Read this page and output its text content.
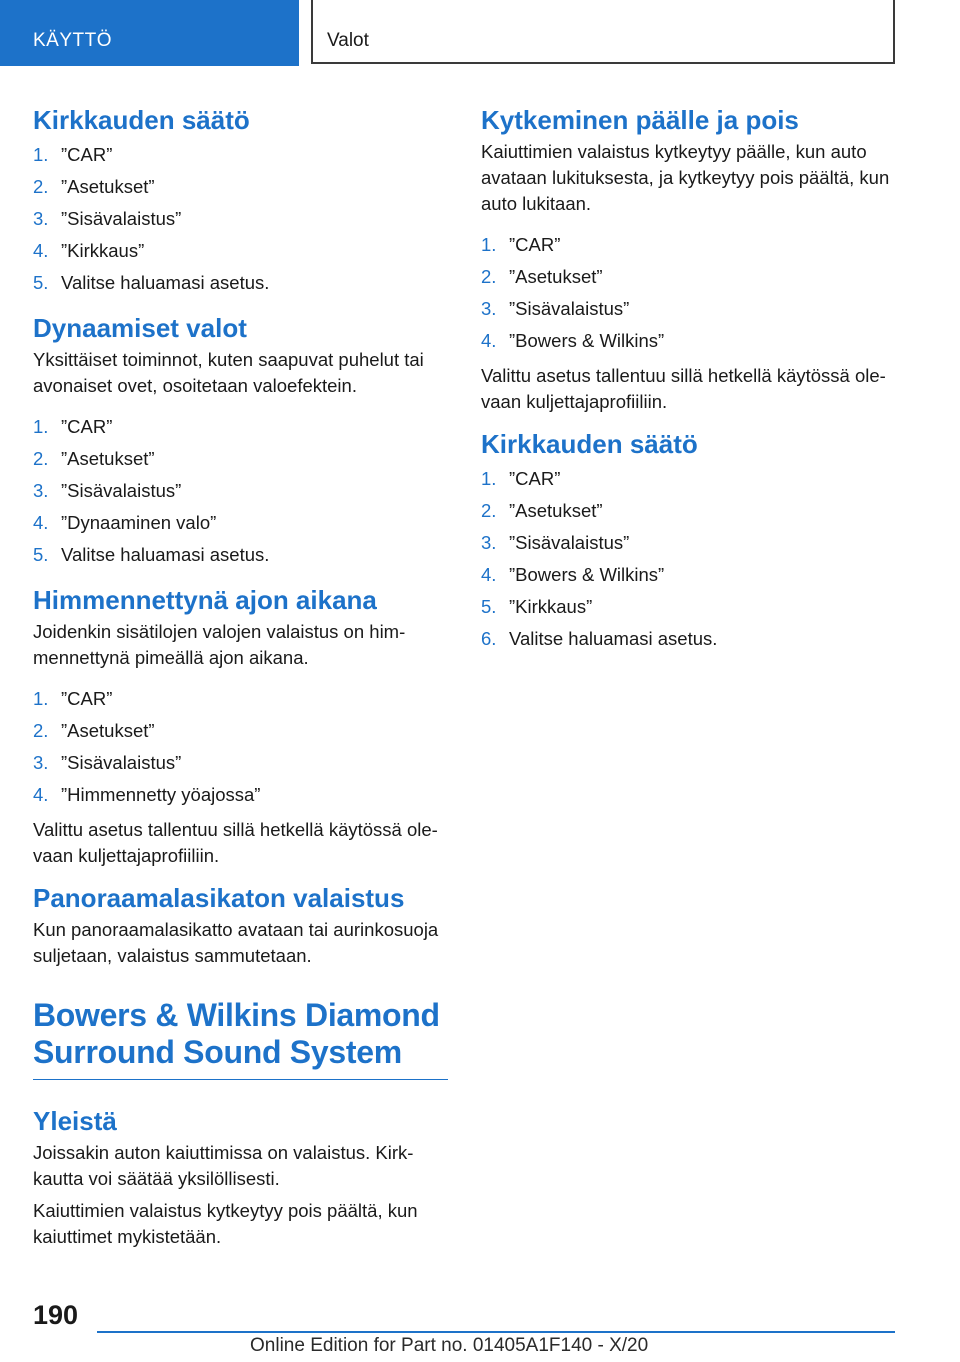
KÄYTTÖ	Valot
Kirkkauden säätö
1. ”CAR”
2. ”Asetukset”
3. ”Sisävalaistus”
4. ”Kirkkaus”
5. Valitse haluamasi asetus.
Dynaamiset valot

Yksittäiset toiminnot, kuten saapuvat puhelut tai avonaiset ovet, osoitetaan valoefektein.

1. ”CAR”
2. ”Asetukset”
3. ”Sisävalaistus”
4. ”Dynaaminen valo”
5. Valitse haluamasi asetus.
Himmennettynä ajon aikana

Joidenkin sisätilojen valojen valaistus on himmennettynä pimeällä ajon aikana.

1. ”CAR”
2. ”Asetukset”
3. ”Sisävalaistus”
4. ”Himmennetty yöajossa”

Valittu asetus tallentuu sillä hetkellä käytössä olevaan kuljettajaprofiiliin.

Panoraamalasikaton valaistus

Kun panoraamalasikatto avataan tai aurinkosuoja suljetaan, valaistus sammutetaan.

Bowers & Wilkins Diamond Surround Sound System
Yleistä

Joissakin auton kaiuttimissa on valaistus. Kirkkautta voi säätää yksilöllisesti.

Kaiuttimien valaistus kytkeytyy pois päältä, kun kaiuttimet mykistetään.

Kytkeminen päälle ja pois

Kaiuttimien valaistus kytkeytyy päälle, kun auto avataan lukituksesta, ja kytkeytyy pois päältä, kun auto lukitaan.

1. ”CAR”
2. ”Asetukset”
3. ”Sisävalaistus”
4. ”Bowers & Wilkins”

Valittu asetus tallentuu sillä hetkellä käytössä olevaan kuljettajaprofiiliin.

Kirkkauden säätö
1. ”CAR”
2. ”Asetukset”
3. ”Sisävalaistus”
4. ”Bowers & Wilkins”
5. ”Kirkkaus”
6. Valitse haluamasi asetus.
190
Online Edition for Part no. 01405A1F140 - X/20
